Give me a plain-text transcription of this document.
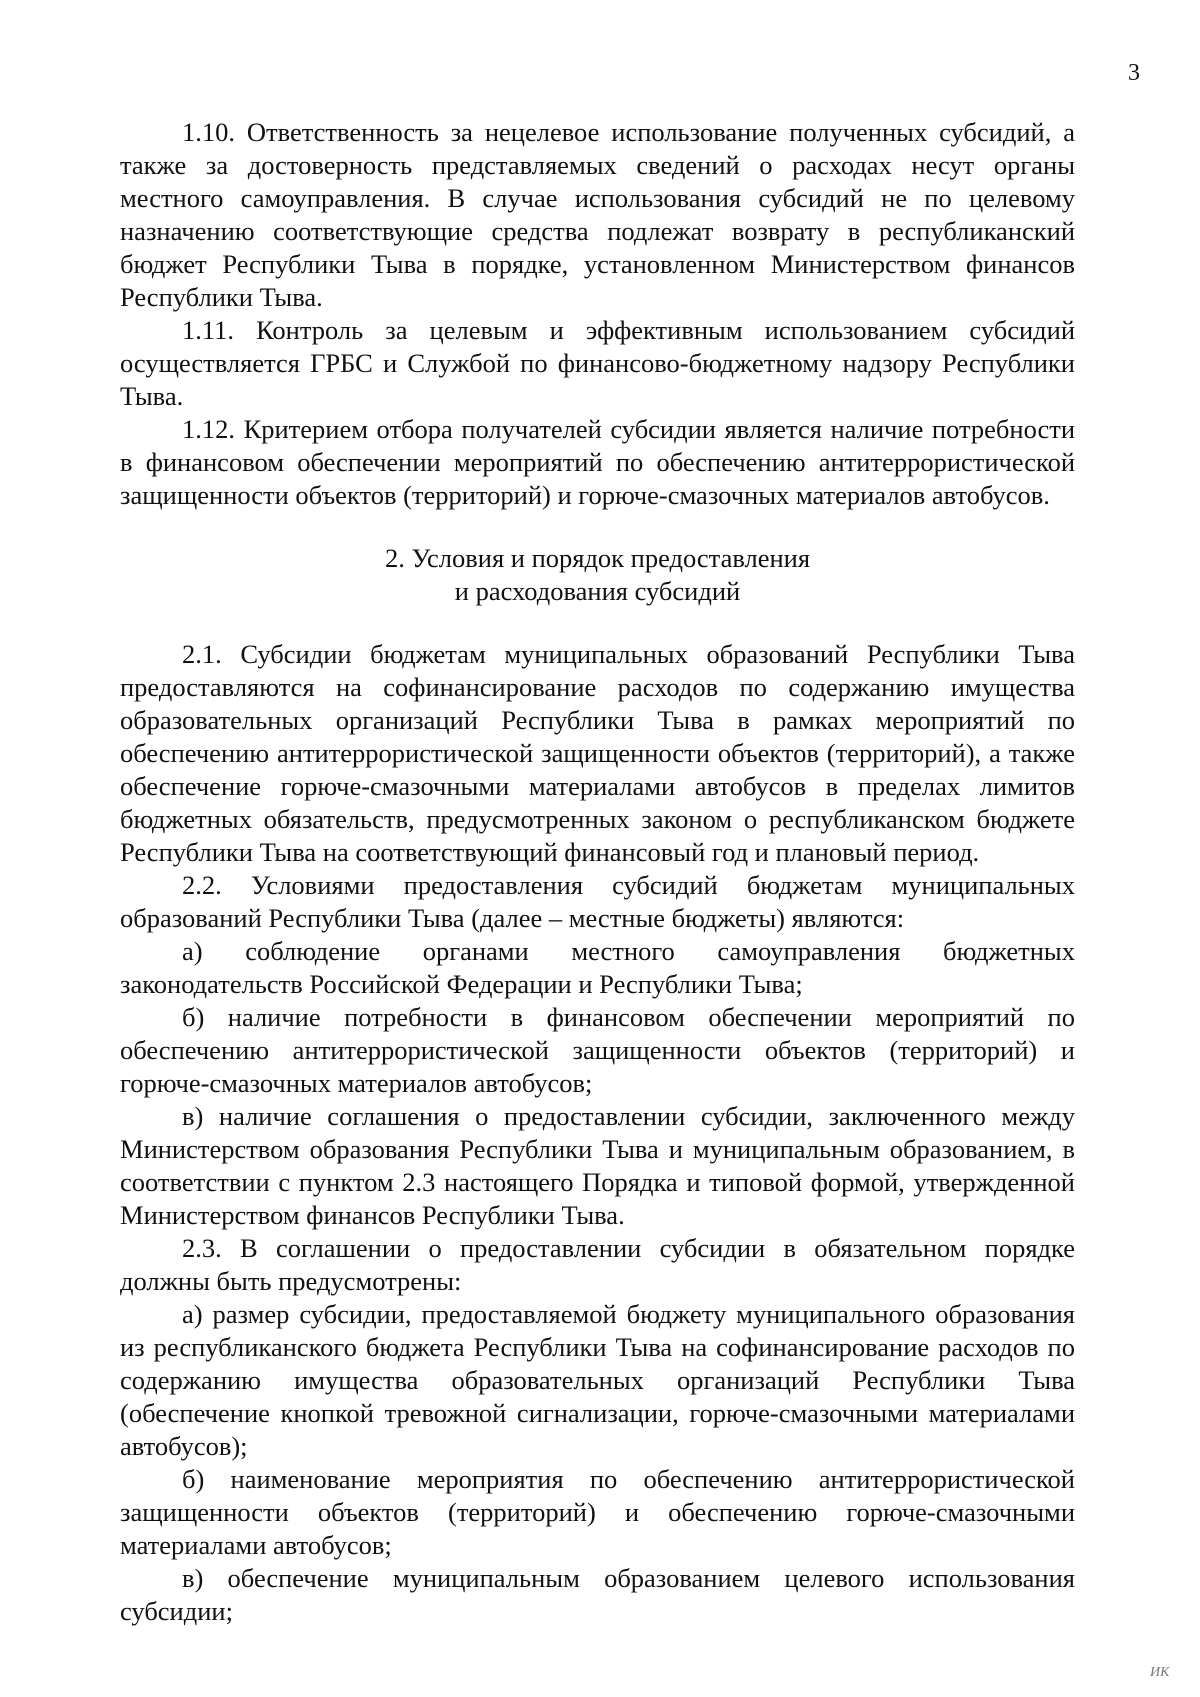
3

1.10. Ответственность за нецелевое использование полученных субсидий, а также за достоверность представляемых сведений о расходах несут органы местного самоуправления. В случае использования субсидий не по целевому назначению соответствующие средства подлежат возврату в республиканский бюджет Республики Тыва в порядке, установленном Министерством финансов Республики Тыва.

1.11. Контроль за целевым и эффективным использованием субсидий осуществляется ГРБС и Службой по финансово-бюджетному надзору Республики Тыва.

1.12. Критерием отбора получателей субсидии является наличие потребности в финансовом обеспечении мероприятий по обеспечению антитеррористической защищенности объектов (территорий) и горюче-смазочных материалов автобусов.

2. Условия и порядок предоставления
и расходования субсидий

2.1. Субсидии бюджетам муниципальных образований Республики Тыва предоставляются на софинансирование расходов по содержанию имущества образовательных организаций Республики Тыва в рамках мероприятий по обеспечению антитеррористической защищенности объектов (территорий), а также обеспечение горюче-смазочными материалами автобусов в пределах лимитов бюджетных обязательств, предусмотренных законом о республиканском бюджете Республики Тыва на соответствующий финансовый год и плановый период.

2.2. Условиями предоставления субсидий бюджетам муниципальных образований Республики Тыва (далее – местные бюджеты) являются:

а) соблюдение органами местного самоуправления бюджетных законодательств Российской Федерации и Республики Тыва;

б) наличие потребности в финансовом обеспечении мероприятий по обеспечению антитеррористической защищенности объектов (территорий) и горюче-смазочных материалов автобусов;

в) наличие соглашения о предоставлении субсидии, заключенного между Министерством образования Республики Тыва и муниципальным образованием, в соответствии с пунктом 2.3 настоящего Порядка и типовой формой, утвержденной Министерством финансов Республики Тыва.

2.3. В соглашении о предоставлении субсидии в обязательном порядке должны быть предусмотрены:

а) размер субсидии, предоставляемой бюджету муниципального образования из республиканского бюджета Республики Тыва на софинансирование расходов по содержанию имущества образовательных организаций Республики Тыва (обеспечение кнопкой тревожной сигнализации, горюче-смазочными материалами автобусов);

б) наименование мероприятия по обеспечению антитеррористической защищенности объектов (территорий) и обеспечению горюче-смазочными материалами автобусов;

в) обеспечение муниципальным образованием целевого использования субсидии;

ИК
